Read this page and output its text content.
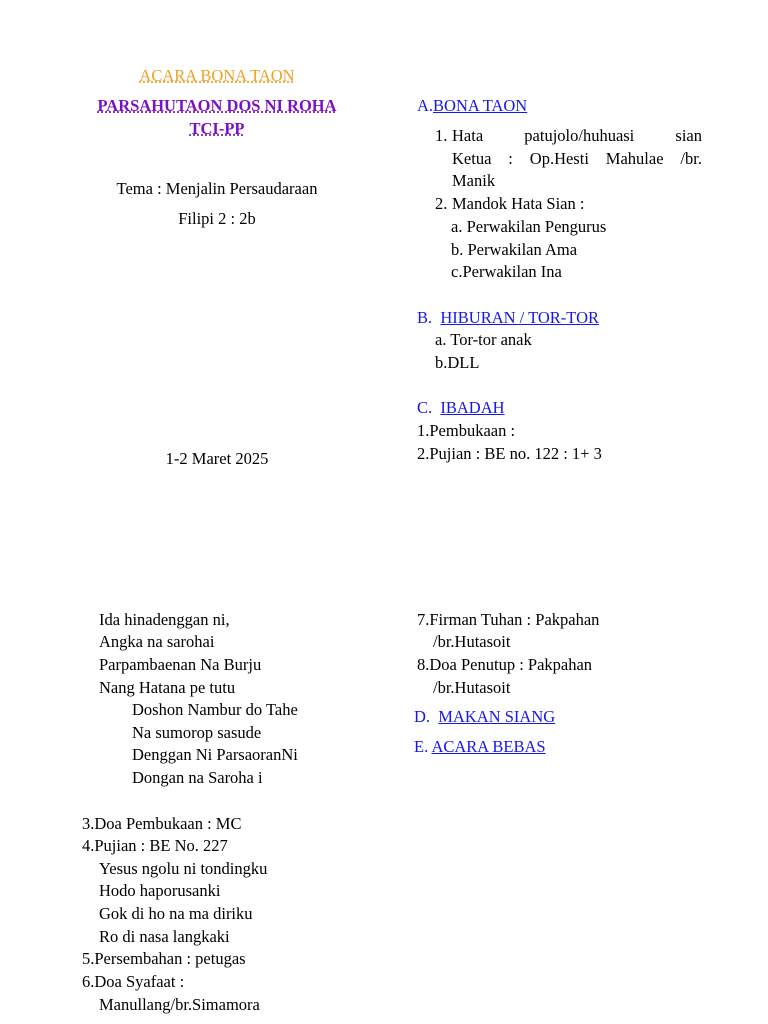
ACARA BONA TAON
PARSAHUTAON DOS NI ROHA
TCI-PP
Tema : Menjalin Persaudaraan
Filipi 2 : 2b
1-2 Maret 2025
A.BONA TAON
1. Hata patujolo/huhuasi sian
Ketua : Op.Hesti Mahulae /br.
Manik
2. Mandok Hata Sian :
a. Perwakilan Pengurus
b. Perwakilan Ama
c.Perwakilan Ina
B. HIBURAN / TOR-TOR
a. Tor-tor anak
b.DLL
C. IBADAH
1.Pembukaan :
2.Pujian : BE no. 122 : 1+ 3
Ida hinadenggan ni,
Angka na sarohai
Parpambaenan Na Burju
Nang Hatana pe tutu
Doshon Nambur do Tahe
Na sumorop sasude
Denggan Ni ParsaoranNi
Dongan na Saroha i
3.Doa Pembukaan : MC
4.Pujian : BE No. 227
Yesus ngolu ni tondingku
Hodo haporusanki
Gok di ho na ma diriku
Ro di nasa langkaki
5.Persembahan : petugas
6.Doa Syafaat :
Manullang/br.Simamora
7.Firman Tuhan : Pakpahan
/br.Hutasoit
8.Doa Penutup : Pakpahan
/br.Hutasoit
D. MAKAN SIANG
E. ACARA BEBAS
